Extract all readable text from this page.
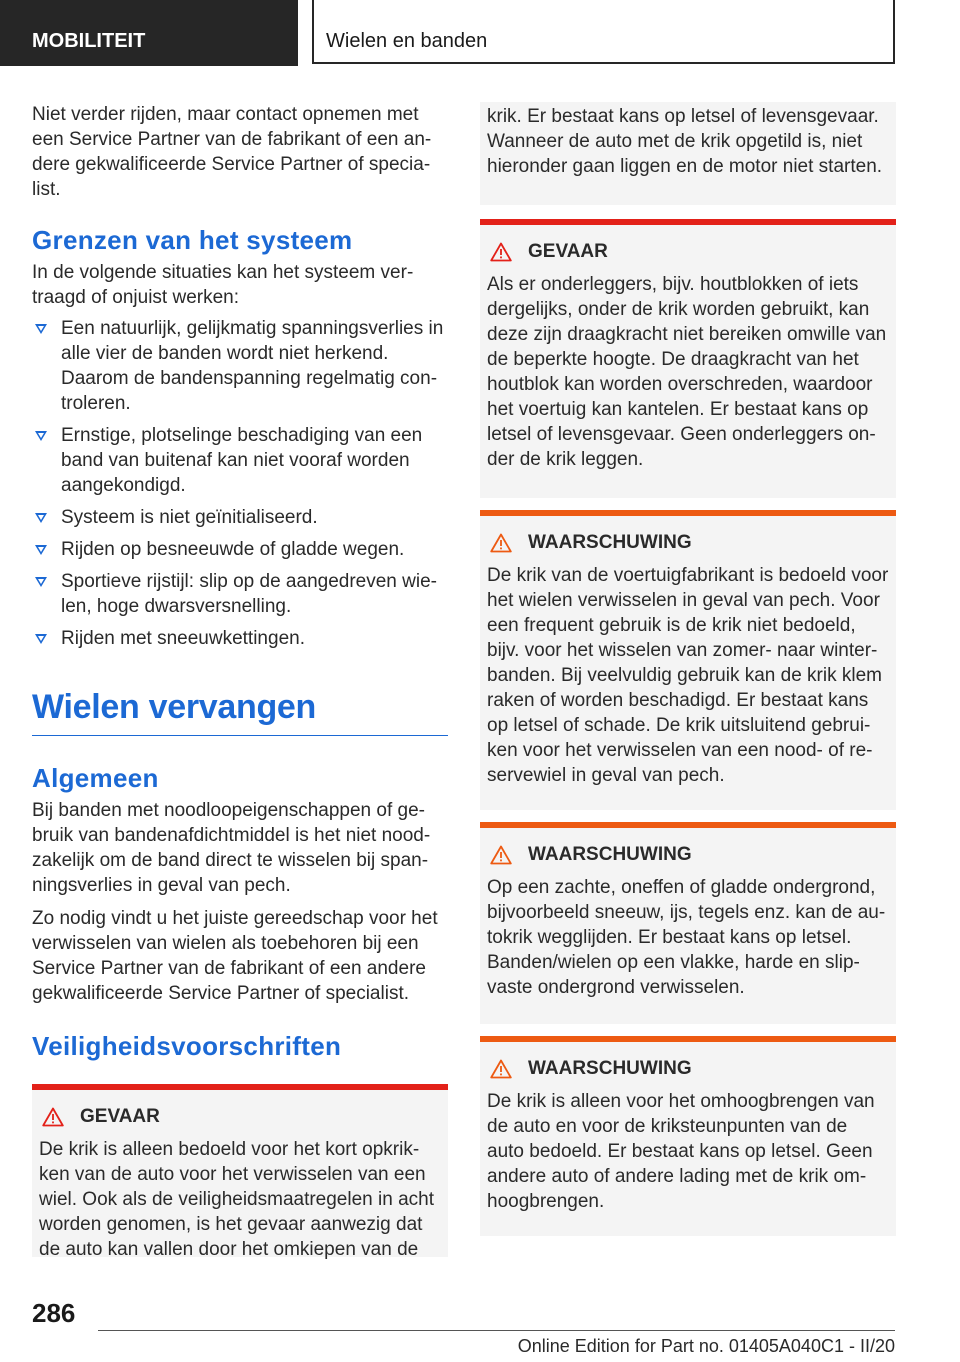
MOBILITEIT	Wielen en banden

Niet verder rijden, maar contact opnemen met een Service Partner van de fabrikant of een andere gekwalificeerde Service Partner of specialist.

Grenzen van het systeem

In de volgende situaties kan het systeem vertraagd of onjuist werken:

Een natuurlijk, gelijkmatig spanningsverlies in alle vier de banden wordt niet herkend. Daarom de bandenspanning regelmatig controleren.
Ernstige, plotselinge beschadiging van een band van buitenaf kan niet vooraf worden aangekondigd.
Systeem is niet geïnitialiseerd.
Rijden op besneeuwde of gladde wegen.
Sportieve rijstijl: slip op de aangedreven wielen, hoge dwarsversnelling.
Rijden met sneeuwkettingen.
Wielen vervangen
Algemeen

Bij banden met noodloopeigenschappen of gebruik van bandenafdichtmiddel is het niet noodzakelijk om de band direct te wisselen bij spanningsverlies in geval van pech.

Zo nodig vindt u het juiste gereedschap voor het verwisselen van wielen als toebehoren bij een Service Partner van de fabrikant of een andere gekwalificeerde Service Partner of specialist.

Veiligheidsvoorschriften
GEVAAR

De krik is alleen bedoeld voor het kort opkrikken van de auto voor het verwisselen van een wiel. Ook als de veiligheidsmaatregelen in acht worden genomen, is het gevaar aanwezig dat de auto kan vallen door het omkiepen van de

krik. Er bestaat kans op letsel of levensgevaar. Wanneer de auto met de krik opgetild is, niet hieronder gaan liggen en de motor niet starten.

GEVAAR

Als er onderleggers, bijv. houtblokken of iets dergelijks, onder de krik worden gebruikt, kan deze zijn draagkracht niet bereiken omwille van de beperkte hoogte. De draagkracht van het houtblok kan worden overschreden, waardoor het voertuig kan kantelen. Er bestaat kans op letsel of levensgevaar. Geen onderleggers onder de krik leggen.

WAARSCHUWING

De krik van de voertuigfabrikant is bedoeld voor het wielen verwisselen in geval van pech. Voor een frequent gebruik is de krik niet bedoeld, bijv. voor het wisselen van zomer- naar winterbanden. Bij veelvuldig gebruik kan de krik klem raken of worden beschadigd. Er bestaat kans op letsel of schade. De krik uitsluitend gebruiken voor het verwisselen van een nood- of reservewiel in geval van pech.

WAARSCHUWING

Op een zachte, oneffen of gladde ondergrond, bijvoorbeeld sneeuw, ijs, tegels enz. kan de autokrik wegglijden. Er bestaat kans op letsel. Banden/wielen op een vlakke, harde en slipvaste ondergrond verwisselen.

WAARSCHUWING

De krik is alleen voor het omhoogbrengen van de auto en voor de kriksteunpunten van de auto bedoeld. Er bestaat kans op letsel. Geen andere auto of andere lading met de krik omhoogbrengen.

286
Online Edition for Part no. 01405A040C1 - II/20
